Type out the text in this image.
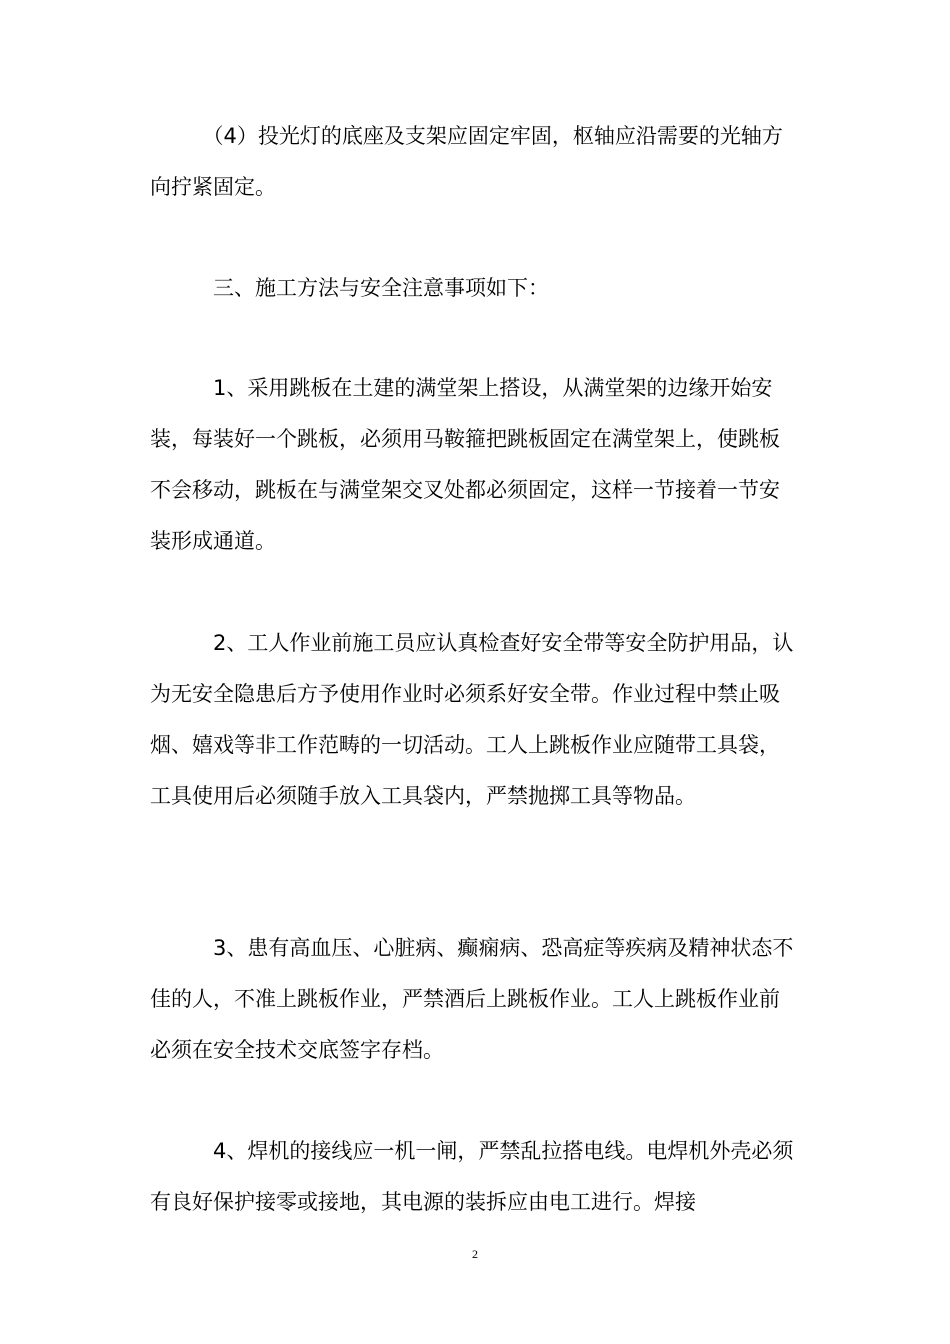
　　　（4）投光灯的底座及支架应固定牢固，枢轴应沿需要的光轴方向拧紧固定。

　　　三、施工方法与安全注意事项如下：

　　　1、采用跳板在土建的满堂架上搭设，从满堂架的边缘开始安装，每装好一个跳板，必须用马鞍箍把跳板固定在满堂架上，使跳板不会移动，跳板在与满堂架交叉处都必须固定，这样一节接着一节安装形成通道。

　　　2、工人作业前施工员应认真检查好安全带等安全防护用品，认为无安全隐患后方予使用作业时必须系好安全带。作业过程中禁止吸烟、嬉戏等非工作范畴的一切活动。工人上跳板作业应随带工具袋，工具使用后必须随手放入工具袋内，严禁抛掷工具等物品。

　　　3、患有高血压、心脏病、癫痫病、恐高症等疾病及精神状态不佳的人，不准上跳板作业，严禁酒后上跳板作业。工人上跳板作业前必须在安全技术交底签字存档。

　　　4、焊机的接线应一机一闸，严禁乱拉搭电线。电焊机外壳必须有良好保护接零或接地，其电源的装拆应由电工进行。焊接

2
